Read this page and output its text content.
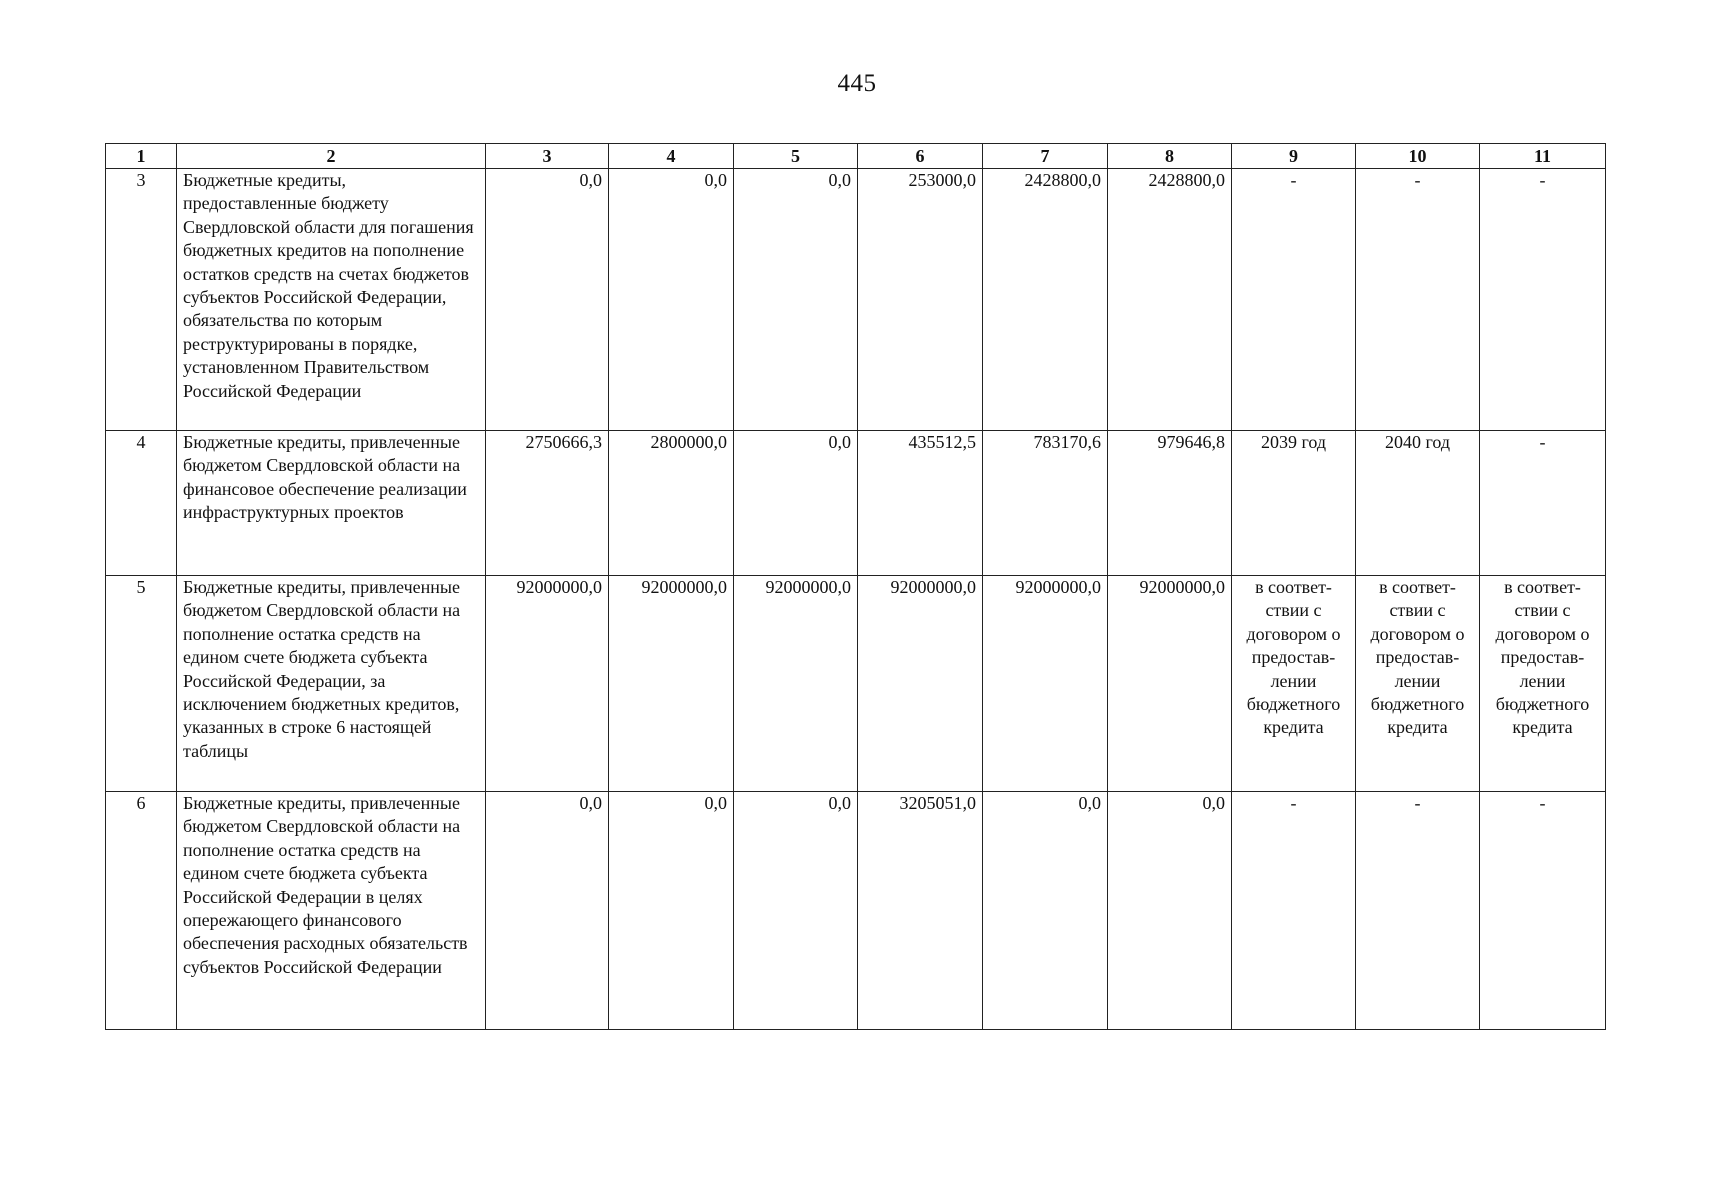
445
1	2	3	4	5	6	7	8	9	10	11
3	Бюджетные кредиты, предоставленные бюджету Свердловской области для погашения бюджетных кредитов на пополнение остатков средств на счетах бюджетов субъектов Российской Федерации, обязательства по которым реструктурированы в порядке, установленном Правительством Российской Федерации	0,0	0,0	0,0	253000,0	2428800,0	2428800,0	-	-	-
4	Бюджетные кредиты, привлеченные бюджетом Свердловской области на финансовое обеспечение реализации инфраструктурных проектов	2750666,3	2800000,0	0,0	435512,5	783170,6	979646,8	2039 год	2040 год	-
5	Бюджетные кредиты, привлеченные бюджетом Свердловской области на пополнение остатка средств на едином счете бюджета субъекта Российской Федерации, за исключением бюджетных кредитов, указанных в строке 6 настоящей таблицы	92000000,0	92000000,0	92000000,0	92000000,0	92000000,0	92000000,0	в соответ-ствии с договором о предостав-лении бюджетного кредита	в соответ-ствии с договором о предостав-лении бюджетного кредита	в соответ-ствии с договором о предостав-лении бюджетного кредита
6	Бюджетные кредиты, привлеченные бюджетом Свердловской области на пополнение остатка средств на едином счете бюджета субъекта Российской Федерации в целях опережающего финансового обеспечения расходных обязательств субъектов Российской Федерации	0,0	0,0	0,0	3205051,0	0,0	0,0	-	-	-
